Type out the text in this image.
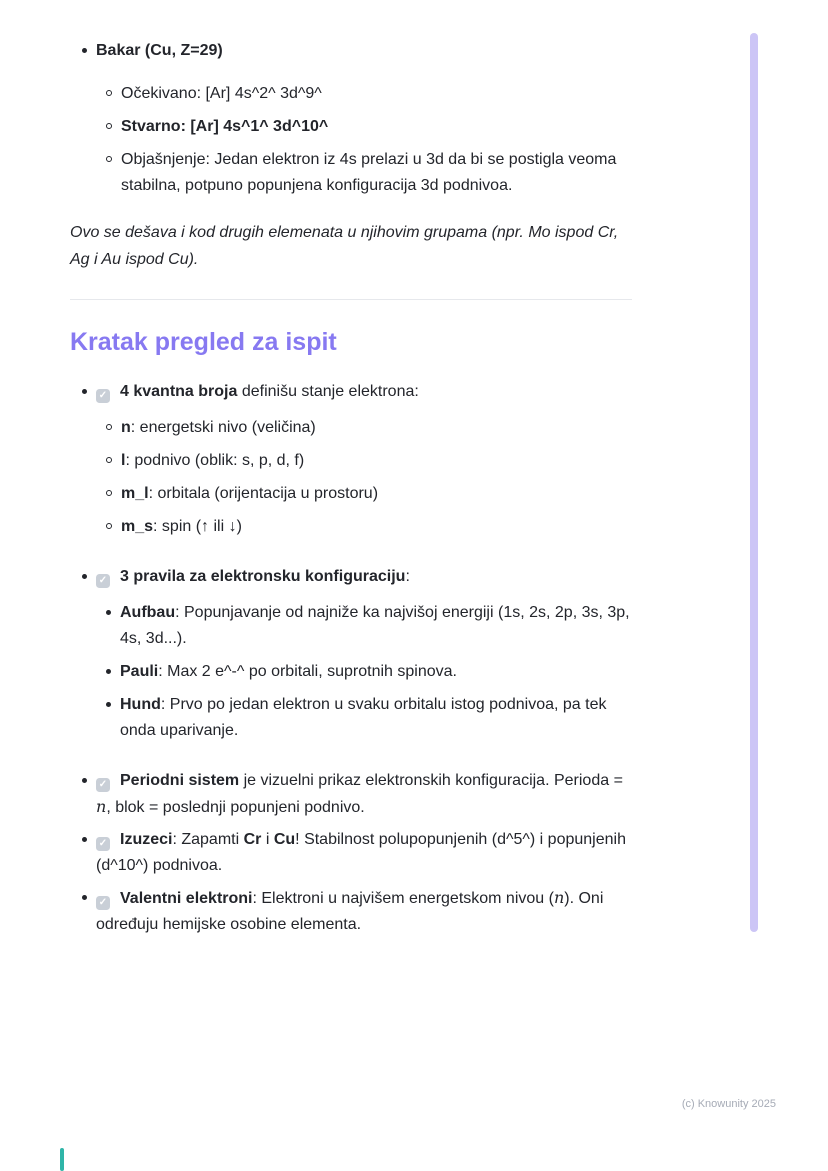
Bakar (Cu, Z=29)
Očekivano: [Ar] 4s^2^ 3d^9^
Stvarno: [Ar] 4s^1^ 3d^10^
Objašnjenje: Jedan elektron iz 4s prelazi u 3d da bi se postigla veoma stabilna, potpuno popunjena konfiguracija 3d podnivoa.

Ovo se dešava i kod drugih elemenata u njihovim grupama (npr. Mo ispod Cr, Ag i Au ispod Cu).

Kratak pregled za ispit
✓ 4 kvantna broja definišu stanje elektrona:
n: energetski nivo (veličina)
l: podnivo (oblik: s, p, d, f)
m_l: orbitala (orijentacija u prostoru)
m_s: spin (↑ ili ↓)
✓ 3 pravila za elektronsku konfiguraciju:
Aufbau: Popunjavanje od najniže ka najvišoj energiji (1s, 2s, 2p, 3s, 3p, 4s, 3d...).
Pauli: Max 2 e^-^ po orbitali, suprotnih spinova.
Hund: Prvo po jedan elektron u svaku orbitalu istog podnivoa, pa tek onda uparivanje.
✓ Periodni sistem je vizuelni prikaz elektronskih konfiguracija. Perioda = n, blok = poslednji popunjeni podnivo.
✓ Izuzeci: Zapamti Cr i Cu! Stabilnost polupopunjenih (d^5^) i popunjenih (d^10^) podnivoa.
✓ Valentni elektroni: Elektroni u najvišem energetskom nivou (n). Oni određuju hemijske osobine elementa.
(c) Knowunity 2025
